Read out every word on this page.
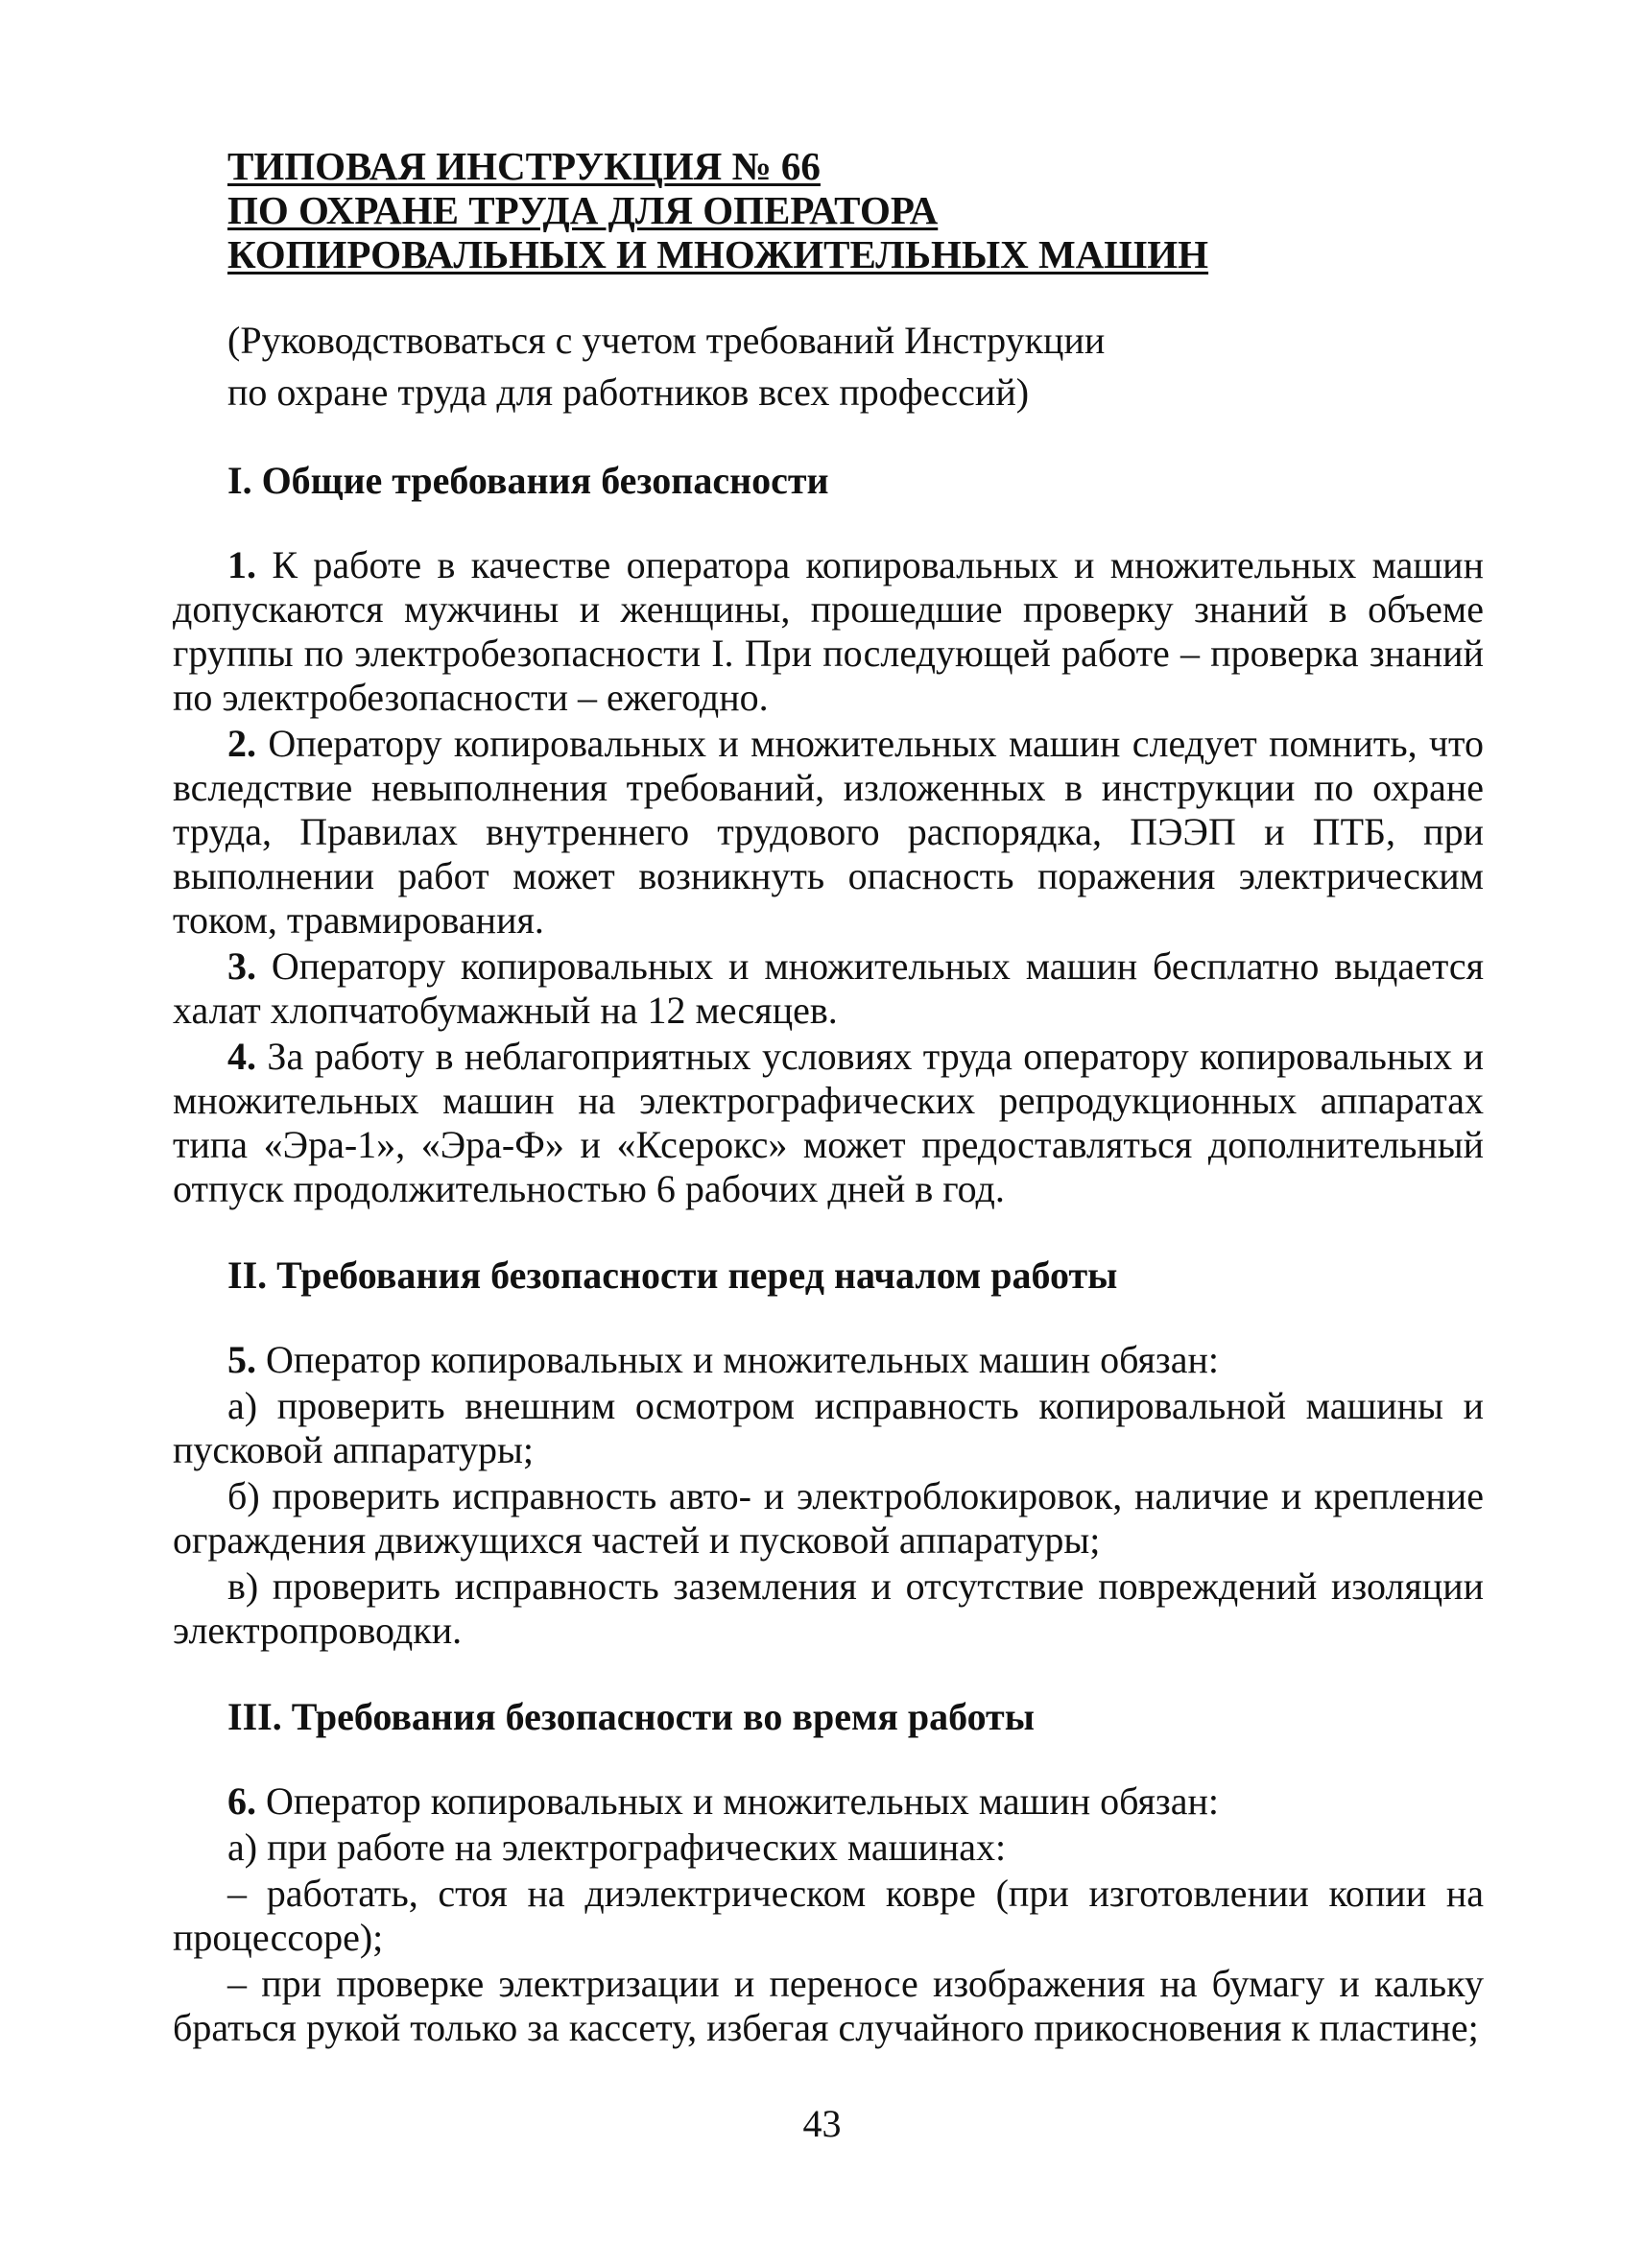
ТИПОВАЯ ИНСТРУКЦИЯ № 66
ПО ОХРАНЕ ТРУДА ДЛЯ ОПЕРАТОРА
КОПИРОВАЛЬНЫХ И МНОЖИТЕЛЬНЫХ МАШИН
(Руководствоваться с учетом требований Инструкции
по охране труда для работников всех профессий)
I. Общие требования безопасности

1. К работе в качестве оператора копировальных и множительных машин допускаются мужчины и женщины, прошедшие проверку знаний в объеме группы по электробезопасности I. При последующей работе – проверка знаний по электробезопасности – ежегодно.

2. Оператору копировальных и множительных машин следует помнить, что вследствие невыполнения требований, изложенных в инструкции по охране труда, Правилах внутреннего трудового распорядка, ПЭЭП и ПТБ, при выполнении работ может возникнуть опасность поражения электрическим током, травмирования.

3. Оператору копировальных и множительных машин бесплатно выдается халат хлопчатобумажный на 12 месяцев.

4. За работу в неблагоприятных условиях труда оператору копировальных и множительных машин на электрографических репродукционных аппаратах типа «Эра-1», «Эра-Ф» и «Ксерокс» может предоставляться дополнительный отпуск продолжительностью 6 рабочих дней в год.

II. Требования безопасности перед началом работы

5. Оператор копировальных и множительных машин обязан:

а) проверить внешним осмотром исправность копировальной машины и пусковой аппаратуры;

б) проверить исправность авто- и электроблокировок, наличие и крепление ограждения движущихся частей и пусковой аппаратуры;

в) проверить исправность заземления и отсутствие повреждений изоляции электропроводки.

III. Требования безопасности во время работы

6. Оператор копировальных и множительных машин обязан:

а) при работе на электрографических машинах:

– работать, стоя на диэлектрическом ковре (при изготовлении копии на процессоре);

– при проверке электризации и переносе изображения на бумагу и кальку браться рукой только за кассету, избегая случайного прикосновения к пластине;

43
